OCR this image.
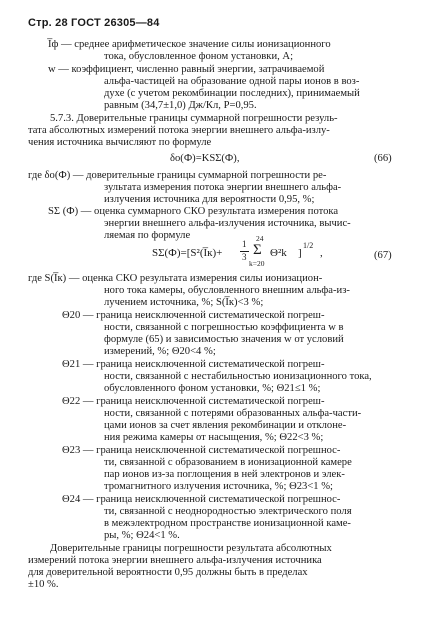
Стр. 28 ГОСТ 26305—84
I̅ф — среднее арифметическое значение силы ионизационного
тока, обусловленное фоном установки, А;
w — коэффициент, численно равный энергии, затрачиваемой
альфа-частицей на образование одной пары ионов в воз-
духе (с учетом рекомбинации последних), принимаемый
равным (34,7±1,0) Дж/Кл, P=0,95.
5.7.3. Доверительные границы суммарной погрешности резуль-
тата абсолютных измерений потока энергии внешнего альфа-излу-
чения источника вычисляют по формуле
δо(Ф)=KSΣ(Ф),	(66)
где δо(Ф) — доверительные границы суммарной погрешности ре-
зультата измерения потока энергии внешнего альфа-
излучения источника для вероятности 0,95, %;
SΣ (Ф) — оценка суммарного СКО результата измерения потока
энергии внешнего альфа-излучения источника, вычис-
ляемая по формуле
(67)
где S(I̅к) — оценка СКО результата измерения силы ионизацион-
ного тока камеры, обусловленного внешним альфа-из-
лучением источника, %; S(I̅к)<3 %;
Θ20 — граница неисключенной систематической погреш-
ности, связанной с погрешностью коэффициента w в
формуле (65) и зависимостью значения w от условий
измерений, %; Θ20<4 %;
Θ21 — граница неисключенной систематической погреш-
ности, связанной с нестабильностью ионизационного тока,
обусловленного фоном установки, %; Θ21≤1 %;
Θ22 — граница неисключенной систематической погреш-
ности, связанной с потерями образованных альфа-части-
цами ионов за счет явления рекомбинации и отклоне-
ния режима камеры от насыщения, %; Θ22<3 %;
Θ23 — граница неисключенной систематической погрешнос-
ти, связанной с образованием в ионизационной камере
пар ионов из-за поглощения в ней электронов и элек-
тромагнитного излучения источника, %; Θ23<1 %;
Θ24 — граница неисключенной систематической погрешнос-
ти, связанной с неоднородностью электрического поля
в межэлектродном пространстве ионизационной каме-
ры, %; Θ24<1 %.
Доверительные границы погрешности результата абсолютных
измерений потока энергии внешнего альфа-излучения источника
для доверительной вероятности 0,95 должны быть в пределах
±10 %.
SΣ(Ф)=[S²(I̅к)+
1
3
24
Σ
k=20
Θ²k ]
1/2
,
